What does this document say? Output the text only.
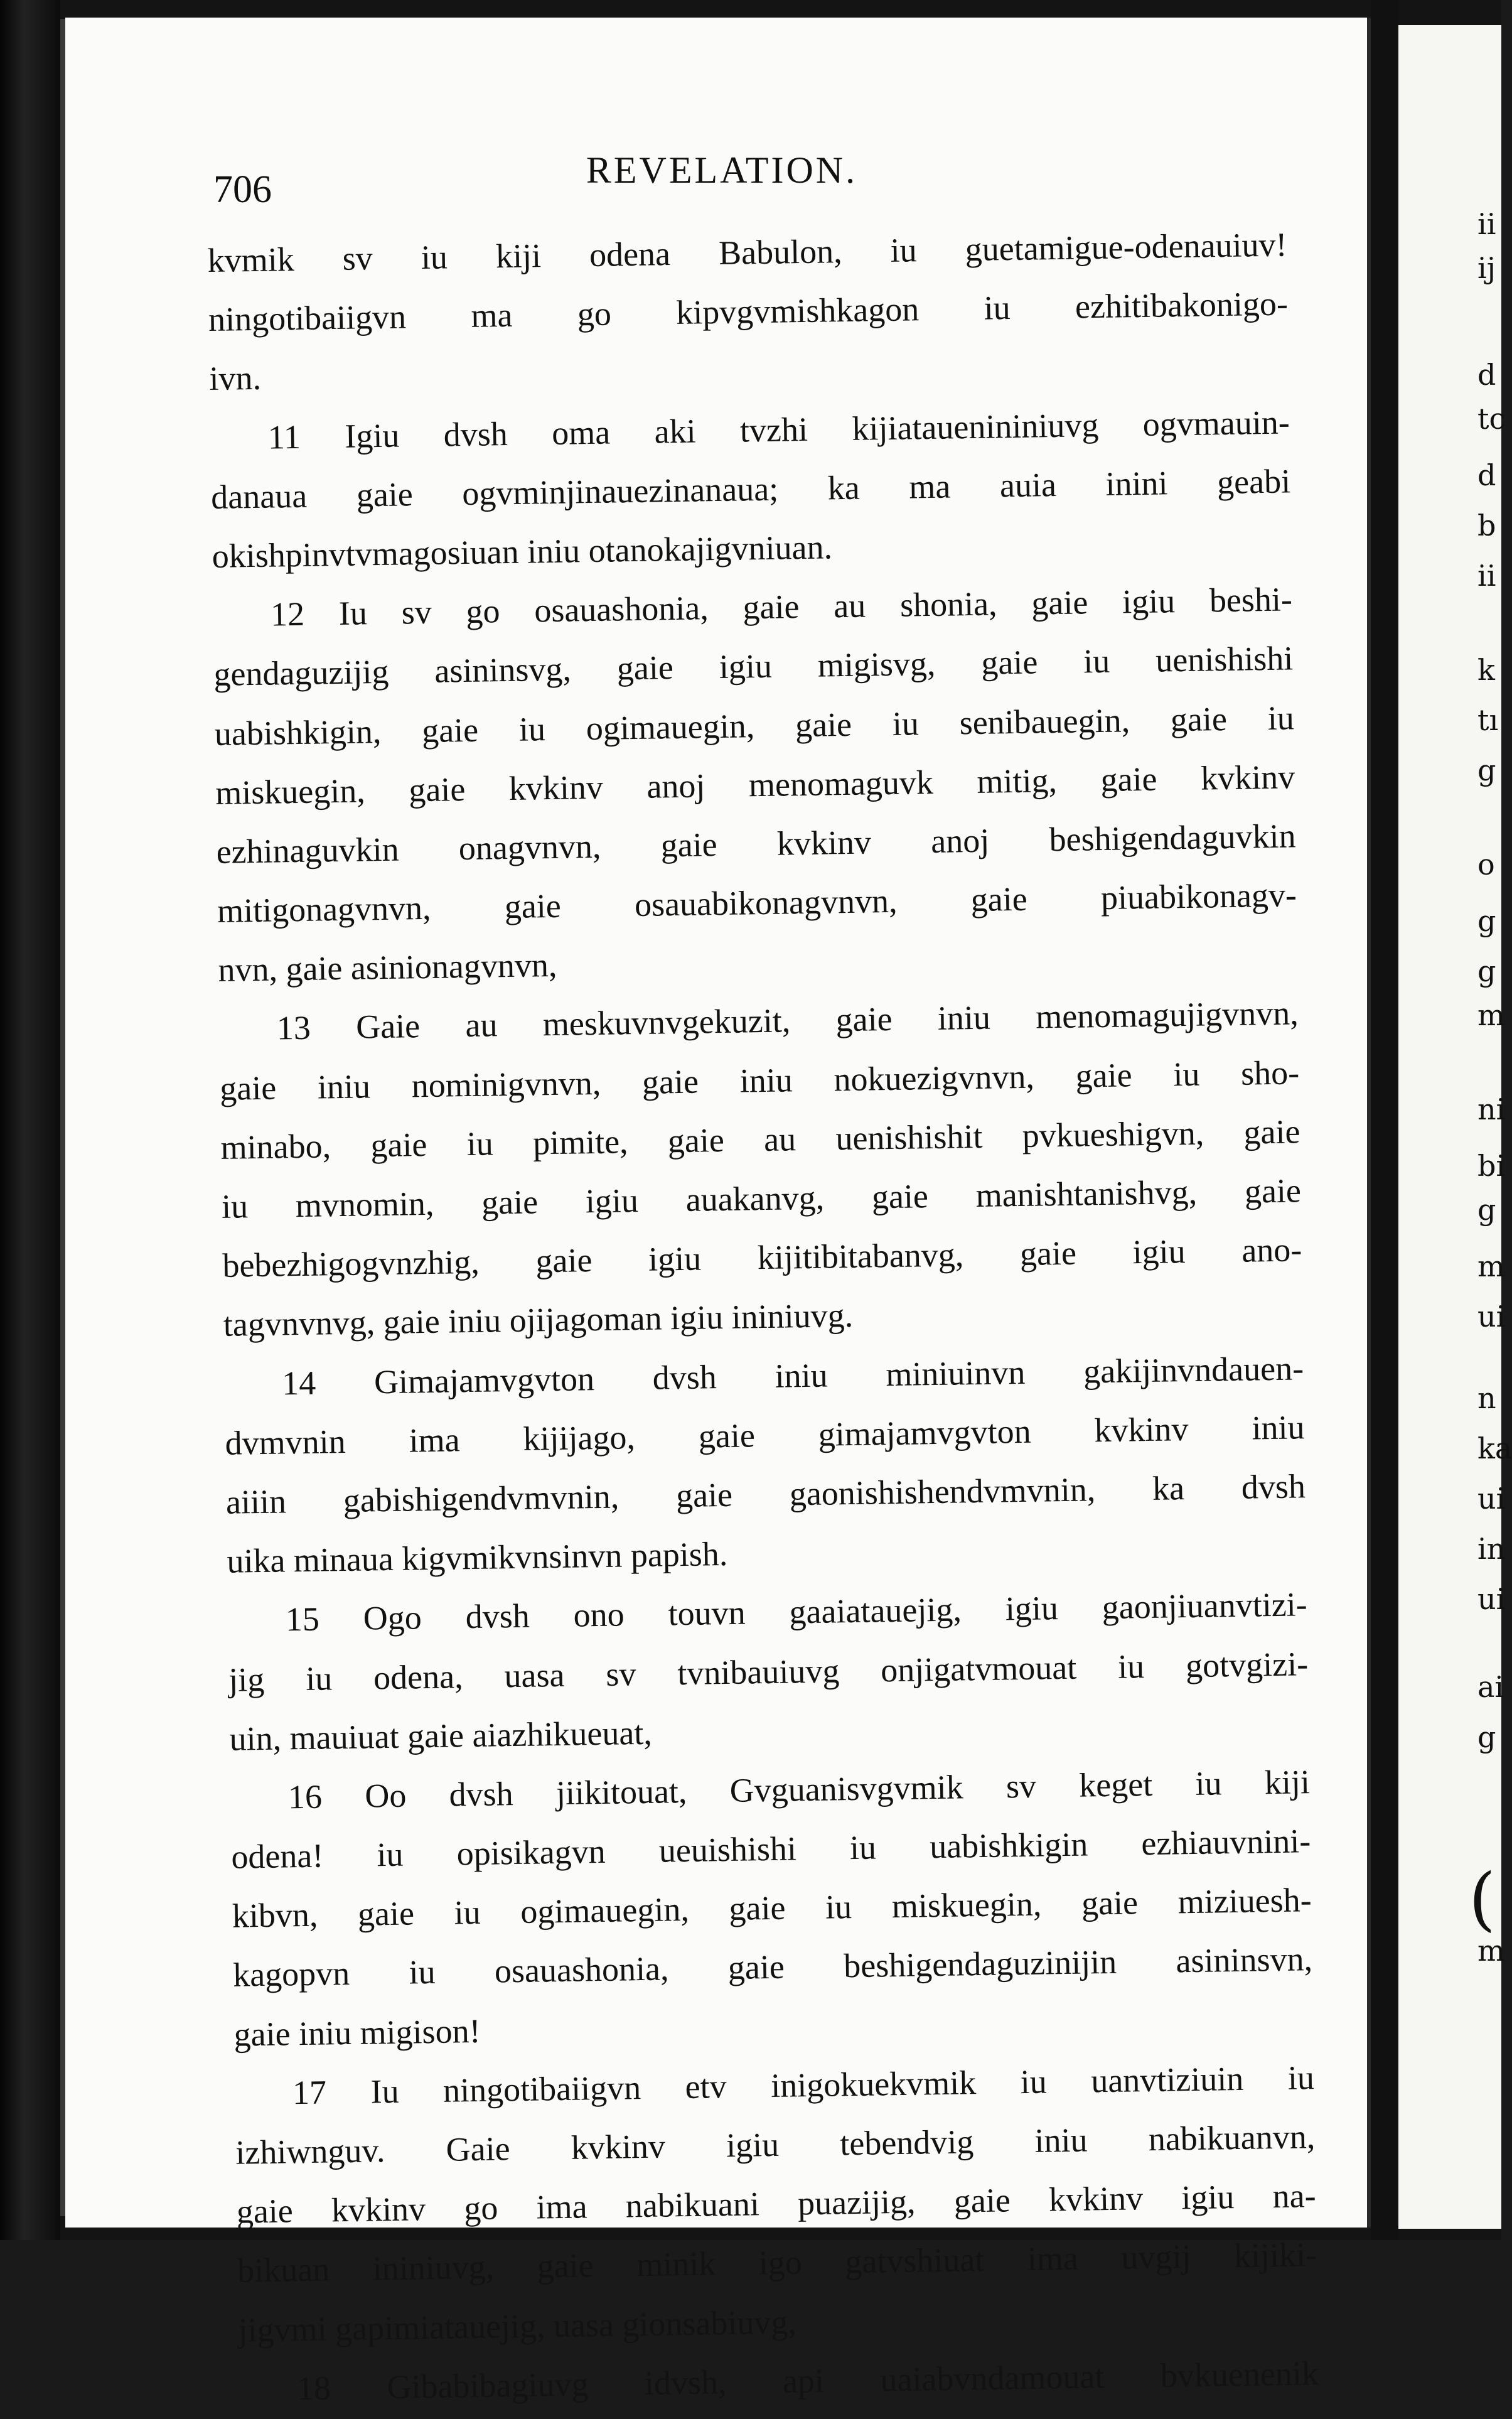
706	REVELATION.
kvmik sv iu kiji odena Babulon, iu guetamigue-odenauiuv!
ningotibaiigvn ma go kipvgvmishkagon iu ezhitibakonigo-
ivn.
11 Igiu dvsh oma aki tvzhi kijiatauenininiuvg ogvmauin-
danaua gaie ogvminjinauezinanaua; ka ma auia inini geabi
okishpinvtvmagosiuan iniu otanokajigvniuan.
12 Iu sv go osauashonia, gaie au shonia, gaie igiu beshi-
gendaguzijig asininsvg, gaie igiu migisvg, gaie iu uenishishi
uabishkigin, gaie iu ogimauegin, gaie iu senibauegin, gaie iu
miskuegin, gaie kvkinv anoj menomaguvk mitig, gaie kvkinv
ezhinaguvkin onagvnvn, gaie kvkinv anoj beshigendaguvkin
mitigonagvnvn, gaie osauabikonagvnvn, gaie piuabikonagv-
nvn, gaie asinionagvnvn,
13 Gaie au meskuvnvgekuzit, gaie iniu menomagujigvnvn,
gaie iniu nominigvnvn, gaie iniu nokuezigvnvn, gaie iu sho-
minabo, gaie iu pimite, gaie au uenishishit pvkueshigvn, gaie
iu mvnomin, gaie igiu auakanvg, gaie manishtanishvg, gaie
bebezhigogvnzhig, gaie igiu kijitibitabanvg, gaie igiu ano-
tagvnvnvg, gaie iniu ojijagoman igiu ininiuvg.
14 Gimajamvgvton dvsh iniu miniuinvn gakijinvndauen-
dvmvnin ima kijijago, gaie gimajamvgvton kvkinv iniu
aiiin gabishigendvmvnin, gaie gaonishishendvmvnin, ka dvsh
uika minaua kigvmikvnsinvn papish.
15 Ogo dvsh ono touvn gaaiatauejig, igiu gaonjiuanvtizi-
jig iu odena, uasa sv tvnibauiuvg onjigatvmouat iu gotvgizi-
uin, mauiuat gaie aiazhikueuat,
16 Oo dvsh jiikitouat, Gvguanisvgvmik sv keget iu kiji
odena! iu opisikagvn ueuishishi iu uabishkigin ezhiauvnini-
kibvn, gaie iu ogimauegin, gaie iu miskuegin, gaie miziuesh-
kagopvn iu osauashonia, gaie beshigendaguzinijin asininsvn,
gaie iniu migison!
17 Iu ningotibaiigvn etv inigokuekvmik iu uanvtiziuin iu
izhiwnguv. Gaie kvkinv igiu tebendvig iniu nabikuanvn,
gaie kvkinv go ima nabikuani puazijig, gaie kvkinv igiu na-
bikuan ininiuvg, gaie minik igo gatvshiuat ima uvgij kijiki-
jigvmi gapimiatauejig, uasa gionsabiuvg,
18 Gibabibagiuvg idvsh, api uaiabvndamouat bvkuenenik
ii
ij
d
tc
d
b
ii
k
tı
g
o
g
g
m
ni
bi
g
m
ui
n
ka
ui
in
ui
ai
g
(
m
